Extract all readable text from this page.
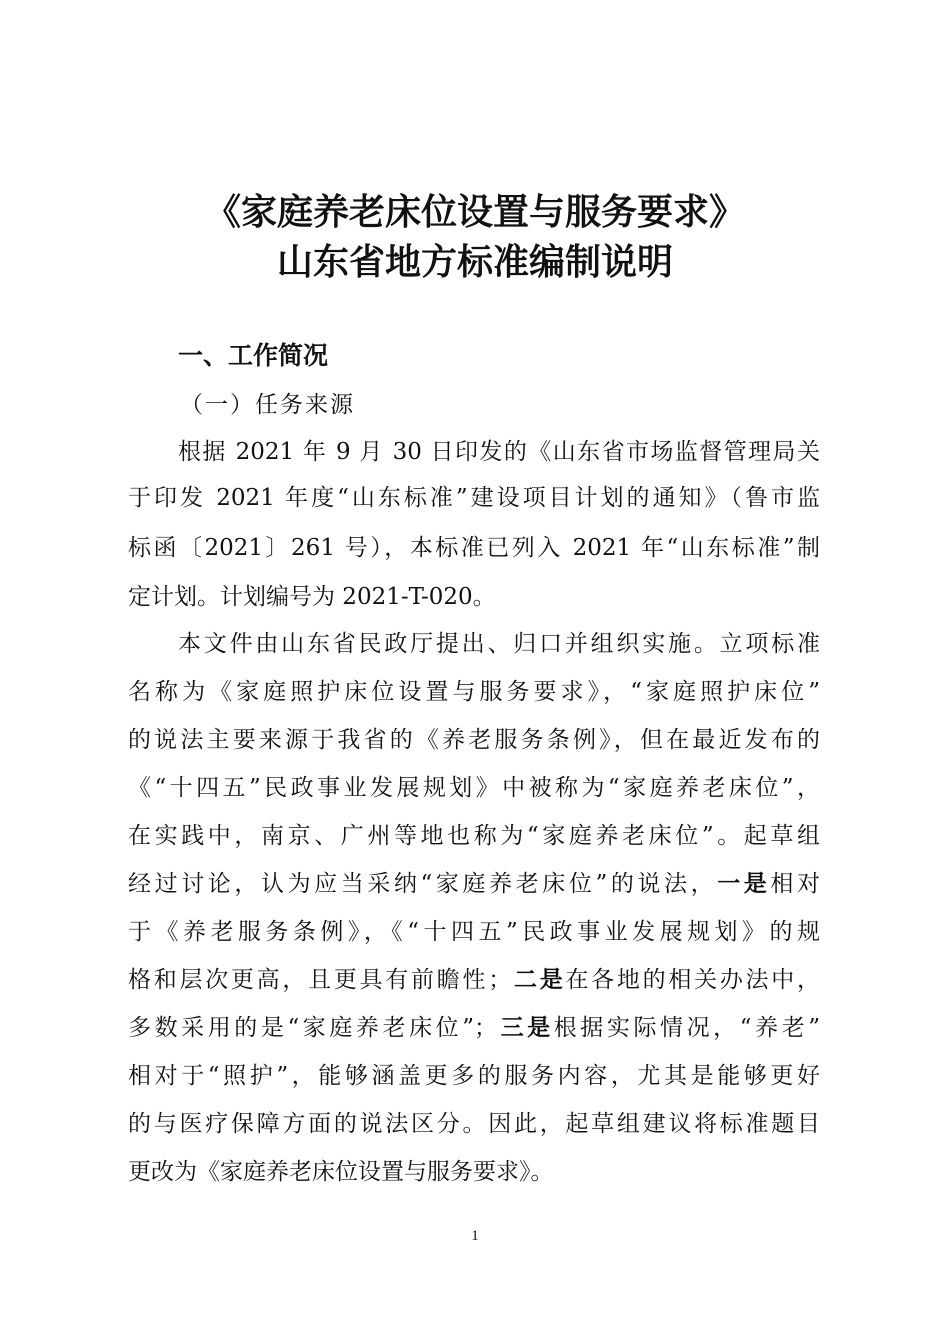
《家庭养老床位设置与服务要求》
山东省地方标准编制说明
一、工作简况
（一）任务来源
根据 2021 年 9 月 30 日印发的《山东省市场监督管理局关
于印发 2021 年度“山东标准”建设项目计划的通知》（鲁市监
标函〔2021〕261 号），本标准已列入 2021 年“山东标准”制
定计划。计划编号为 2021-T-020。
本文件由山东省民政厅提出、归口并组织实施。立项标准
名称为《家庭照护床位设置与服务要求》，“家庭照护床位”
的说法主要来源于我省的《养老服务条例》，但在最近发布的
《“十四五”民政事业发展规划》中被称为“家庭养老床位”，
在实践中，南京、广州等地也称为“家庭养老床位”。起草组
经过讨论，认为应当采纳“家庭养老床位”的说法，一是相对
于《养老服务条例》，《“十四五”民政事业发展规划》的规
格和层次更高，且更具有前瞻性；二是在各地的相关办法中，
多数采用的是“家庭养老床位”；三是根据实际情况，“养老”
相对于“照护”，能够涵盖更多的服务内容，尤其是能够更好
的与医疗保障方面的说法区分。因此，起草组建议将标准题目
更改为《家庭养老床位设置与服务要求》。
1
